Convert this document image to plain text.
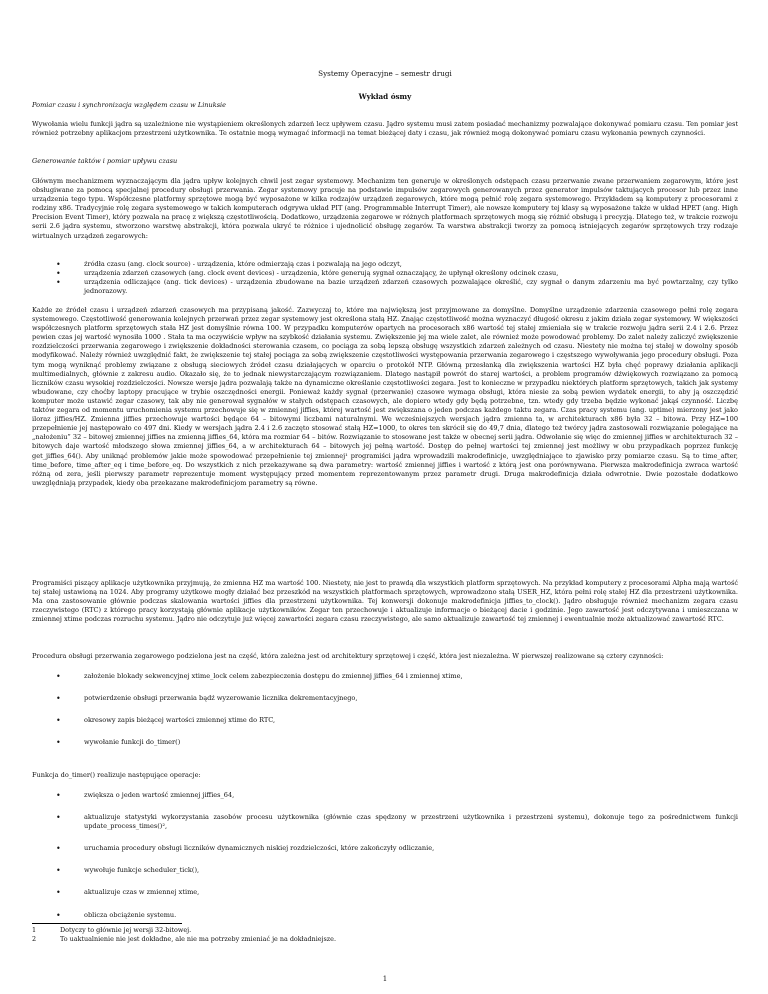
Systemy Operacyjne – semestr drugi
Wykład ósmy
Pomiar czasu i synchronizacja względem czasu w Linuksie

Wywołania wielu funkcji jądra są uzależnione nie wystąpieniem określonych zdarzeń lecz upływem czasu. Jądro systemu musi zatem posiadać mechanizmy pozwalające dokonywać pomiaru czasu. Ten pomiar jest również potrzebny aplikacjom przestrzeni użytkownika. Te ostatnie mogą wymagać informacji na temat bieżącej daty i czasu, jak również mogą dokonywać pomiaru czasu wykonania pewnych czynności.

Generowanie taktów i pomiar upływu czasu

Głównym mechanizmem wyznaczającym dla jądra upływ kolejnych chwil jest zegar systemowy. Mechanizm ten generuje w określonych odstępach czasu przerwanie zwane przerwaniem zegarowym, które jest obsługiwane za pomocą specjalnej procedury obsługi przerwania. Zegar systemowy pracuje na podstawie impulsów zegarowych generowanych przez generator impulsów taktujących procesor lub przez inne urządzenia tego typu. Współczesne platformy sprzętowe mogą być wyposażone w kilka rodzajów urządzeń zegarowych, które mogą pełnić rolę zegara systemowego. Przykładem są komputery z procesorami z rodziny x86. Tradycyjnie rolę zegara systemowego w takich komputerach odgrywa układ PIT (ang. Programmable Interrupt Timer), ale nowsze komputery tej klasy są wyposażone także w układ HPET (ang. High Precision Event Timer), który pozwala na pracę z większą częstotliwością. Dodatkowo, urządzenia zegarowe w różnych platformach sprzętowych mogą się różnić obsługą i precyzją. Dlatego też, w trakcie rozwoju serii 2.6 jądra systemu, stworzono warstwę abstrakcji, która pozwala ukryć te różnice i ujednolicić obsługę zegarów. Ta warstwa abstrakcji tworzy za pomocą istniejących zegarów sprzętowych trzy rodzaje wirtualnych urządzeń zegarowych:

•	źródła czasu (ang. clock source) - urządzenia, które odmierzają czas i pozwalają na jego odczyt,
•	urządzenia zdarzeń czasowych (ang. clock event devices) - urządzenia, które generują sygnał oznaczający, że upłynął określony odcinek czasu,
•	urządzenia odliczające (ang. tick devices) - urządzenia zbudowane na bazie urządzeń zdarzeń czasowych pozwalające określić, czy sygnał o danym zdarzeniu ma być powtarzalny, czy tylko jednorazowy.

Każde ze źródeł czasu i urządzeń zdarzeń czasowych ma przypisaną jakość. Zazwyczaj to, które ma największą jest przyjmowane za domyślne. Domyślne urządzenie zdarzenia czasowego pełni rolę zegara systemowego. Częstotliwość generowania kolejnych przerwań przez zegar systemowy jest określona stałą HZ. Znając częstotliwość można wyznaczyć długość okresu z jakim działa zegar systemowy. W większości współczesnych platform sprzętowych stała HZ jest domyślnie równa 100. W przypadku komputerów opartych na procesorach x86 wartość tej stałej zmieniała się w trakcie rozwoju jądra serii 2.4 i 2.6. Przez pewien czas jej wartość wynosiła 1000 . Stała ta ma oczywiście wpływ na szybkość działania systemu. Zwiększenie jej ma wiele zalet, ale również może powodować problemy. Do zalet należy zaliczyć zwiększenie rozdzielczości przerwania zegarowego i zwiększenie dokładności sterowania czasem, co pociąga za sobą lepszą obsługę wszystkich zdarzeń zależnych od czasu. Niestety nie można tej stałej w dowolny sposób modyfikować. Należy również uwzględnić fakt, że zwiększenie tej stałej pociąga za sobą zwiększenie częstotliwości występowania przerwania zegarowego i częstszego wywoływania jego procedury obsługi. Poza tym mogą wyniknąć problemy związane z obsługą sieciowych źródeł czasu działających w oparciu o protokół NTP. Główną przesłanką dla zwiększenia wartości HZ była chęć poprawy działania aplikacji multimedialnych, głównie z zakresu audio. Okazało się, że to jednak niewystarczającym rozwiązaniem. Dlatego nastąpił powrót do starej wartości, a problem programów dźwiękowych rozwiązano za pomocą liczników czasu wysokiej rozdzielczości. Nowsze wersje jądra pozwalają także na dynamiczne określanie częstotliwości zegara. Jest to konieczne w przypadku niektórych platform sprzętowych, takich jak systemy wbudowane, czy choćby laptopy pracujące w trybie oszczędności energii. Ponieważ każdy sygnał (przerwanie) czasowe wymaga obsługi, która niesie za sobą pewien wydatek energii, to aby ją oszczędzić komputer może ustawić zegar czasowy, tak aby nie generował sygnałów w stałych odstępach czasowych, ale dopiero wtedy gdy będą potrzebne, tzn. wtedy gdy trzeba będzie wykonać jakąś czynność. Liczbę taktów zegara od momentu uruchomienia systemu przechowuje się w zmiennej jiffies, której wartość jest zwiększana o jeden podczas każdego taktu zegara. Czas pracy systemu (ang. uptime) mierzony jest jako iloraz jiffies/HZ. Zmienna jiffies przechowuje wartości będące 64 – bitowymi liczbami naturalnymi. We wcześniejszych wersjach jądra zmienna ta, w architekturach x86 była 32 – bitowa. Przy HZ=100 przepełnienie jej następowało co 497 dni. Kiedy w wersjach jądra 2.4 i 2.6 zaczęto stosować stałą HZ=1000, to okres ten skrócił się do 49,7 dnia, dlatego też twórcy jądra zastosowali rozwiązanie polegające na „nałożeniu” 32 – bitowej zmiennej jiffies na zmienną jiffies_64, która ma rozmiar 64 – bitów. Rozwiązanie to stosowane jest także w obecnej serii jądra. Odwołanie się więc do zmiennej jiffies w architekturach 32 – bitowych daje wartość młodszego słowa zmiennej jiffies_64, a w architekturach 64 – bitowych jej pełną wartość. Dostęp do pełnej wartości tej zmiennej jest możliwy w obu przypadkach poprzez funkcję get_jiffies_64(). Aby uniknąć problemów jakie może spowodować przepełnienie tej zmiennej¹ programiści jądra wprowadzili makrodefinicje, uwzględniające to zjawisko przy pomiarze czasu. Są to time_after, time_before, time_after_eq i time_before_eq. Do wszystkich z nich przekazywane są dwa parametry: wartość zmiennej jiffies i wartość z którą jest ona porównywana. Pierwsza makrodefinicja zwraca wartość różną od zera, jeśli pierwszy parametr reprezentuje moment występujący przed momentem reprezentowanym przez parametr drugi. Druga makrodefinicja działa odwrotnie. Dwie pozostałe dodatkowo uwzględniają przypadek, kiedy oba przekazane makrodefinicjom parametry są równe.

Programiści piszący aplikacje użytkownika przyjmują, że zmienna HZ ma wartość 100. Niestety, nie jest to prawdą dla wszystkich platform sprzętowych. Na przykład komputery z procesorami Alpha mają wartość tej stałej ustawioną na 1024. Aby programy użytkowe mogły działać bez przeszkód na wszystkich platformach sprzętowych, wprowadzono stałą USER_HZ, która pełni rolę stałej HZ dla przestrzeni użytkownika. Ma ona zastosowanie głównie podczas skalowania wartości jiffies dla przestrzeni użytkownika. Tej konwersji dokonuje makrodefinicja jiffies_to_clock(). Jądro obsługuje również mechanizm zegara czasu rzeczywistego (RTC) z którego pracy korzystają głównie aplikacje użytkowników. Zegar ten przechowuje i aktualizuje informacje o bieżącej dacie i godzinie. Jego zawartość jest odczytywana i umieszczana w zmiennej xtime podczas rozruchu systemu. Jądro nie odczytuje już więcej zawartości zegara czasu rzeczywistego, ale samo aktualizuje zawartość tej zmiennej i ewentualnie może aktualizować zawartość RTC.

Procedura obsługi przerwania zegarowego podzielona jest na część, która zależna jest od architektury sprzętowej i część, która jest niezależna. W pierwszej realizowane są cztery czynności:

•	założenie blokady sekwencyjnej xtime_lock celem zabezpieczenia dostępu do zmiennej jiffies_64 i zmiennej xtime,
•	potwierdzenie obsługi przerwania bądź wyzerowanie licznika dekrementacyjnego,
•	okresowy zapis bieżącej wartości zmiennej xtime do RTC,
•	wywołanie funkcji do_timer()

Funkcja do_timer() realizuje następujące operacje:

•	zwiększa o jeden wartość zmiennej jiffies_64,
•	aktualizuje statystyki wykorzystania zasobów procesu użytkownika (głównie czas spędzony w przestrzeni użytkownika i przestrzeni systemu), dokonuje tego za pośrednictwem funkcji update_process_times()²,
•	uruchamia procedury obsługi liczników dynamicznych niskiej rozdzielczości, które zakończyły odliczanie,
•	wywołuje funkcje scheduler_tick(),
•	aktualizuje czas w zmiennej xtime,
•	oblicza obciążenie systemu.
1	Dotyczy to głównie jej wersji 32-bitowej.
2	To uaktualnienie nie jest dokładne, ale nie ma potrzeby zmieniać je na dokładniejsze.
1
